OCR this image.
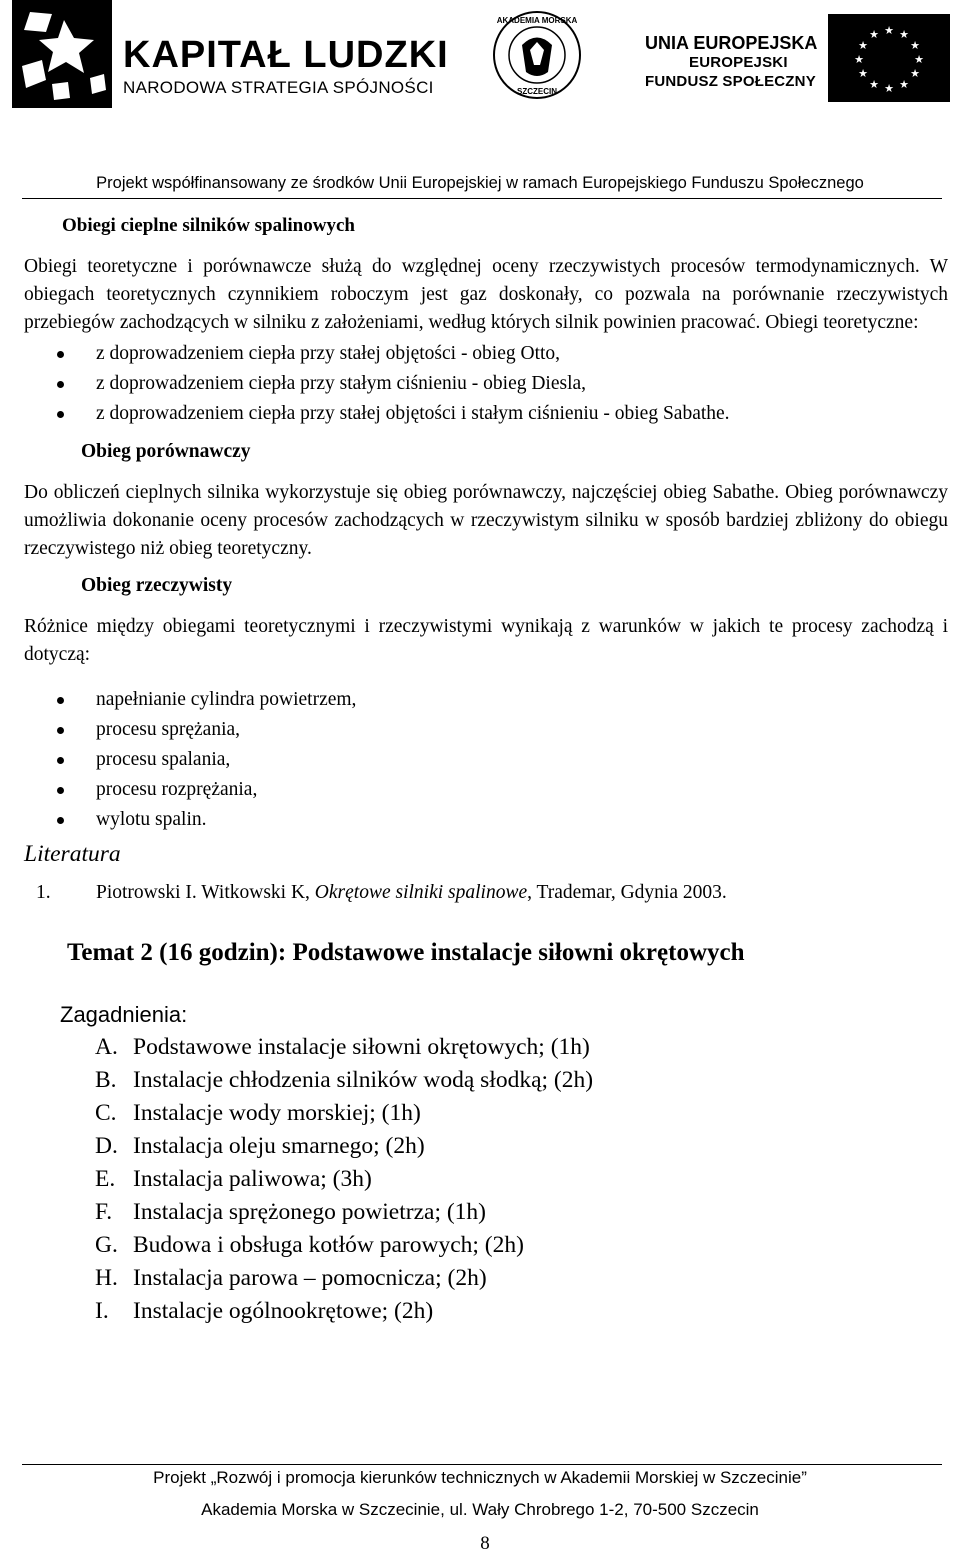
KAPITAŁ LUDZKI
NARODOWA STRATEGIA SPÓJNOŚCI
AKADEMIA MORSKA
SZCZECIN
UNIA EUROPEJSKA
EUROPEJSKI
FUNDUSZ SPOŁECZNY
★ ★
★
★
★
★
★
★
★
★
★
★
Projekt współfinansowany ze środków Unii Europejskiej w ramach Europejskiego Funduszu Społecznego
Obiegi cieplne silników spalinowych

Obiegi teoretyczne i porównawcze służą do względnej oceny rzeczywistych procesów termodynamicznych. W obiegach teoretycznych czynnikiem roboczym jest gaz doskonały, co pozwala na porównanie rzeczywistych przebiegów zachodzących w silniku z założeniami, według których silnik powinien pracować. Obiegi teoretyczne:

z doprowadzeniem ciepła przy stałej objętości - obieg Otto,
z doprowadzeniem ciepła przy stałym ciśnieniu - obieg Diesla,
z doprowadzeniem ciepła przy stałej objętości i stałym ciśnieniu - obieg Sabathe.
Obieg porównawczy

Do obliczeń cieplnych silnika wykorzystuje się obieg porównawczy, najczęściej obieg Sabathe. Obieg porównawczy umożliwia dokonanie oceny procesów zachodzących w rzeczywistym silniku w sposób bardziej zbliżony do obiegu rzeczywistego niż obieg teoretyczny.

Obieg rzeczywisty

Różnice między obiegami teoretycznymi i rzeczywistymi wynikają z warunków w jakich te procesy zachodzą i dotyczą:

napełnianie cylindra powietrzem,
procesu sprężania,
procesu spalania,
procesu rozprężania,
wylotu spalin.
Literatura
1. Piotrowski I. Witkowski K, Okrętowe silniki spalinowe, Trademar, Gdynia 2003.
Temat 2 (16 godzin): Podstawowe instalacje siłowni okrętowych
Zagadnienia:
A. Podstawowe instalacje siłowni okrętowych; (1h)
B. Instalacje chłodzenia silników wodą słodką; (2h)
C. Instalacje wody morskiej; (1h)
D. Instalacja oleju smarnego; (2h)
E. Instalacja paliwowa; (3h)
F. Instalacja sprężonego powietrza; (1h)
G. Budowa i obsługa kotłów parowych; (2h)
H. Instalacja parowa – pomocnicza; (2h)
I. Instalacje ogólnookrętowe; (2h)
Projekt „Rozwój i promocja kierunków technicznych w Akademii Morskiej w Szczecinie”
Akademia Morska w Szczecinie, ul. Wały Chrobrego 1-2, 70-500 Szczecin
8
